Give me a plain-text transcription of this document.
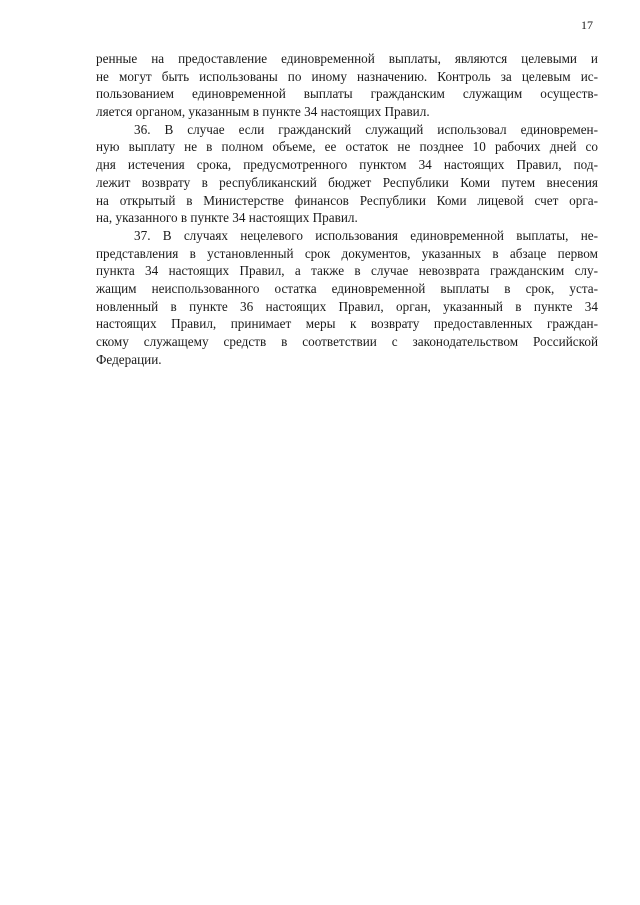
17
ренные на предоставление единовременной выплаты, являются целевыми и
не могут быть использованы по иному назначению. Контроль за целевым ис-
пользованием единовременной выплаты гражданским служащим осуществ-
ляется органом, указанным в пункте 34 настоящих Правил.
36. В случае если гражданский служащий использовал единовремен-
ную выплату не в полном объеме, ее остаток не позднее 10 рабочих дней со
дня истечения срока, предусмотренного пунктом 34 настоящих Правил, под-
лежит возврату в республиканский бюджет Республики Коми путем внесения
на открытый в Министерстве финансов Республики Коми лицевой счет орга-
на, указанного в пункте 34 настоящих Правил.
37. В случаях нецелевого использования единовременной выплаты, не-
представления в установленный срок документов, указанных в абзаце первом
пункта 34 настоящих Правил, а также в случае невозврата гражданским слу-
жащим неиспользованного остатка единовременной выплаты в срок, уста-
новленный в пункте 36 настоящих Правил, орган, указанный в пункте 34
настоящих Правил, принимает меры к возврату предоставленных граждан-
скому служащему средств в соответствии с законодательством Российской
Федерации.
